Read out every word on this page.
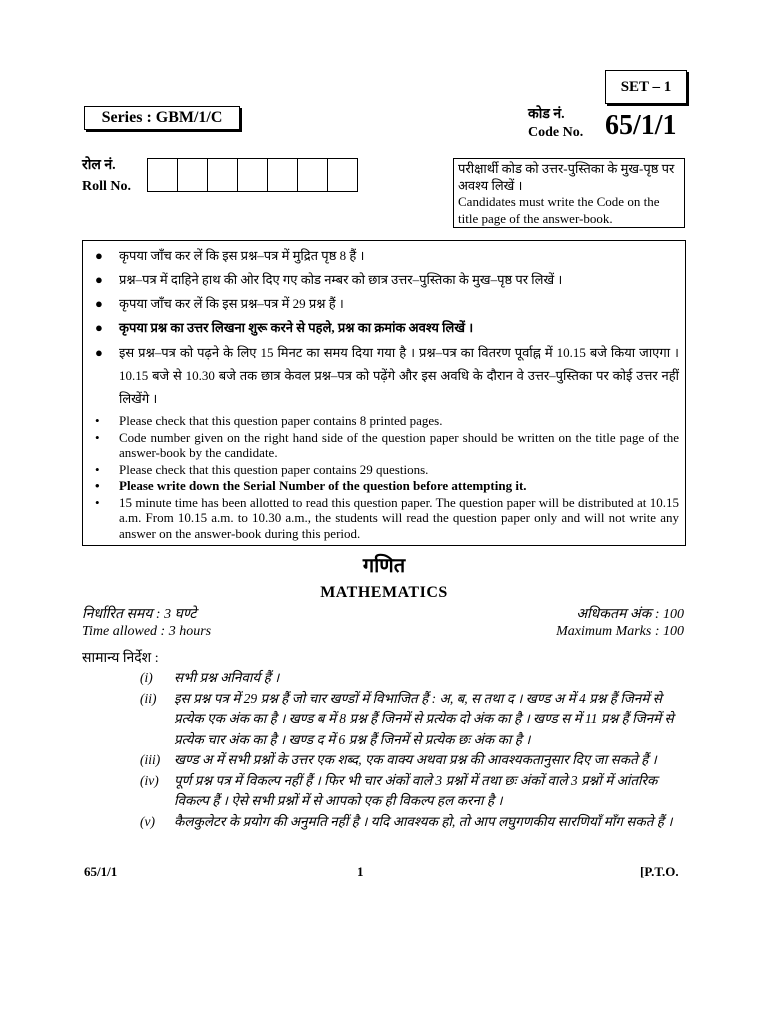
SET – 1
Series : GBM/1/C	कोड नं.
Code No. 65/1/1
रोल नं.
Roll No.
परीक्षार्थी कोड को उत्तर-पुस्तिका के मुख-पृष्ठ पर अवश्य लिखें ।
Candidates must write the Code on the title page of the answer-book.
● कृपया जाँच कर लें कि इस प्रश्न–पत्र में मुद्रित पृष्ठ 8 हैं ।
● प्रश्न–पत्र में दाहिने हाथ की ओर दिए गए कोड नम्बर को छात्र उत्तर–पुस्तिका के मुख–पृष्ठ पर लिखें ।
● कृपया जाँच कर लें कि इस प्रश्न–पत्र में 29 प्रश्न हैं ।
● कृपया प्रश्न का उत्तर लिखना शुरू करने से पहले, प्रश्न का क्रमांक अवश्य लिखें ।
● इस प्रश्न–पत्र को पढ़ने के लिए 15 मिनट का समय दिया गया है । प्रश्न–पत्र का वितरण पूर्वाह्न में 10.15 बजे किया जाएगा । 10.15 बजे से 10.30 बजे तक छात्र केवल प्रश्न–पत्र को पढ़ेंगे और इस अवधि के दौरान वे उत्तर–पुस्तिका पर कोई उत्तर नहीं लिखेंगे ।
• Please check that this question paper contains 8 printed pages.
• Code number given on the right hand side of the question paper should be written on the title page of the answer-book by the candidate.
• Please check that this question paper contains 29 questions.
• Please write down the Serial Number of the question before attempting it.
• 15 minute time has been allotted to read this question paper. The question paper will be distributed at 10.15 a.m. From 10.15 a.m. to 10.30 a.m., the students will read the question paper only and will not write any answer on the answer-book during this period.
गणित
MATHEMATICS
निर्धारित समय : 3 घण्टे	अधिकतम अंक : 100
Time allowed : 3 hours	Maximum Marks : 100
सामान्य निर्देश :
(i)	सभी प्रश्न अनिवार्य हैं ।
(ii)	इस प्रश्न पत्र में 29 प्रश्न हैं जो चार खण्डों में विभाजित हैं : अ, ब, स तथा द । खण्ड अ में 4 प्रश्न हैं जिनमें से प्रत्येक एक अंक का है । खण्ड ब में 8 प्रश्न हैं जिनमें से प्रत्येक दो अंक का है । खण्ड स में 11 प्रश्न हैं जिनमें से प्रत्येक चार अंक का है । खण्ड द में 6 प्रश्न हैं जिनमें से प्रत्येक छः अंक का है ।
(iii)	खण्ड अ में सभी प्रश्नों के उत्तर एक शब्द, एक वाक्य अथवा प्रश्न की आवश्यकतानुसार दिए जा सकते हैं ।
(iv)	पूर्ण प्रश्न पत्र में विकल्प नहीं हैं । फिर भी चार अंकों वाले 3 प्रश्नों में तथा छः अंकों वाले 3 प्रश्नों में आंतरिक विकल्प हैं । ऐसे सभी प्रश्नों में से आपको एक ही विकल्प हल करना है ।
(v)	कैलकुलेटर के प्रयोग की अनुमति नहीं है । यदि आवश्यक हो, तो आप लघुगणकीय सारणियाँ माँग सकते हैं ।
65/1/1	1	[P.T.O.
